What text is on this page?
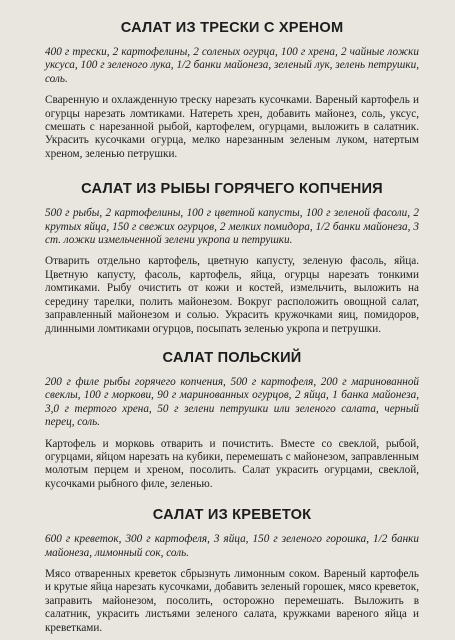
САЛАТ ИЗ ТРЕСКИ С ХРЕНОМ

400 г трески, 2 картофелины, 2 соленых огурца, 100 г хрена, 2 чайные ложки уксуса, 100 г зеленого лука, 1/2 банки майонеза, зеленый лук, зелень петрушки, соль.

Сваренную и охлажденную треску нарезать кусочками. Вареный картофель и огурцы нарезать ломтиками. Натереть хрен, добавить майонез, соль, уксус, смешать с нарезанной рыбой, картофелем, огурцами, выложить в салатник. Украсить кусочками огурца, мелко нарезанным зеленым луком, натертым хреном, зеленью петрушки.

САЛАТ ИЗ РЫБЫ ГОРЯЧЕГО КОПЧЕНИЯ

500 г рыбы, 2 картофелины, 100 г цветной капусты, 100 г зеленой фасоли, 2 крутых яйца, 150 г свежих огурцов, 2 мелких помидора, 1/2 банки майонеза, 3 ст. ложки измельченной зелени укропа и петрушки.

Отварить отдельно картофель, цветную капусту, зеленую фасоль, яйца. Цветную капусту, фасоль, картофель, яйца, огурцы нарезать тонкими ломтиками. Рыбу очистить от кожи и костей, измельчить, выложить на середину тарелки, полить майонезом. Вокруг расположить овощной салат, заправленный майонезом и солью. Украсить кружочками яиц, помидоров, длинными ломтиками огурцов, посыпать зеленью укропа и петрушки.

САЛАТ ПОЛЬСКИЙ

200 г филе рыбы горячего копчения, 500 г картофеля, 200 г маринованной свеклы, 100 г моркови, 90 г маринованных огурцов, 2 яйца, 1 банка майонеза, 3,0 г тертого хрена, 50 г зелени петрушки или зеленого салата, черный перец, соль.

Картофель и морковь отварить и почистить. Вместе со свеклой, рыбой, огурцами, яйцом нарезать на кубики, перемешать с майонезом, заправленным молотым перцем и хреном, посолить. Салат украсить огурцами, свеклой, кусочками рыбного филе, зеленью.

САЛАТ ИЗ КРЕВЕТОК

600 г креветок, 300 г картофеля, 3 яйца, 150 г зеленого горошка, 1/2 банки майонеза, лимонный сок, соль.

Мясо отваренных креветок сбрызнуть лимонным соком. Вареный картофель и крутые яйца нарезать кусочками, добавить зеленый горошек, мясо креветок, заправить майонезом, посолить, осторожно перемешать. Выложить в салатник, украсить листьями зеленого салата, кружками вареного яйца и креветками.
